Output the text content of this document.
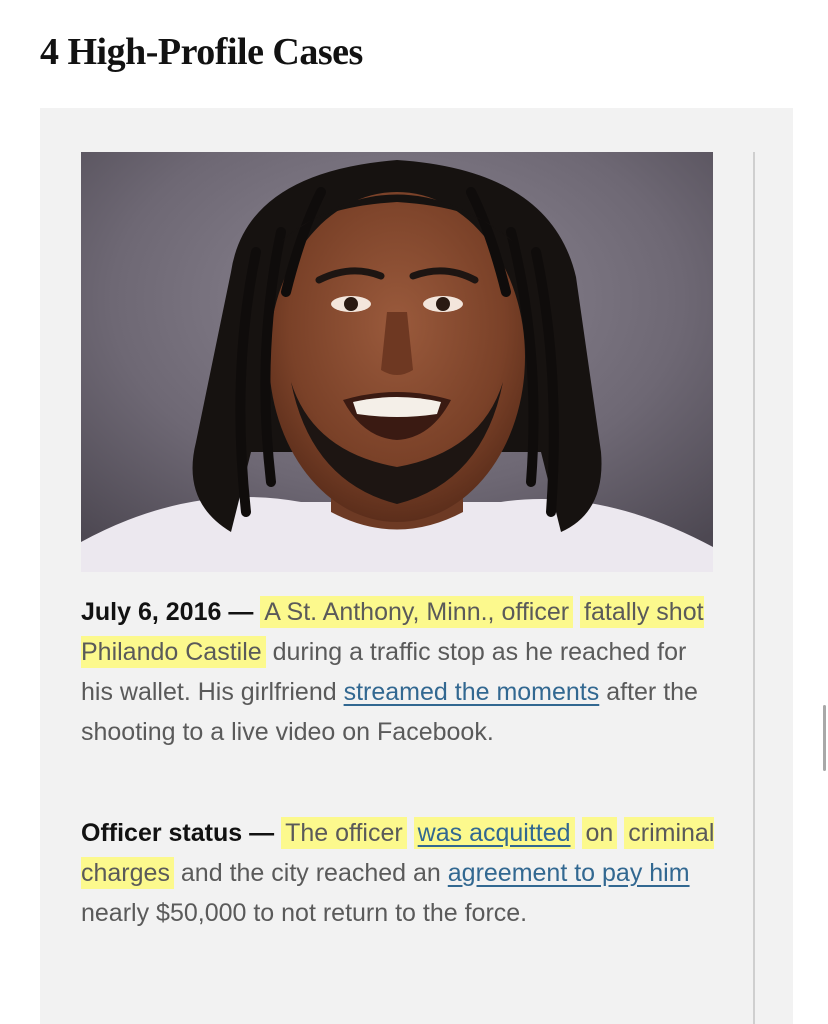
4 High-Profile Cases

July 6, 2016 — A St. Anthony, Minn., officer fatally shot Philando Castile during a traffic stop as he reached for his wallet. His girlfriend streamed the moments after the shooting to a live video on Facebook.

Officer status — The officer was acquitted on criminal charges and the city reached an agreement to pay him nearly $50,000 to not return to the force.
